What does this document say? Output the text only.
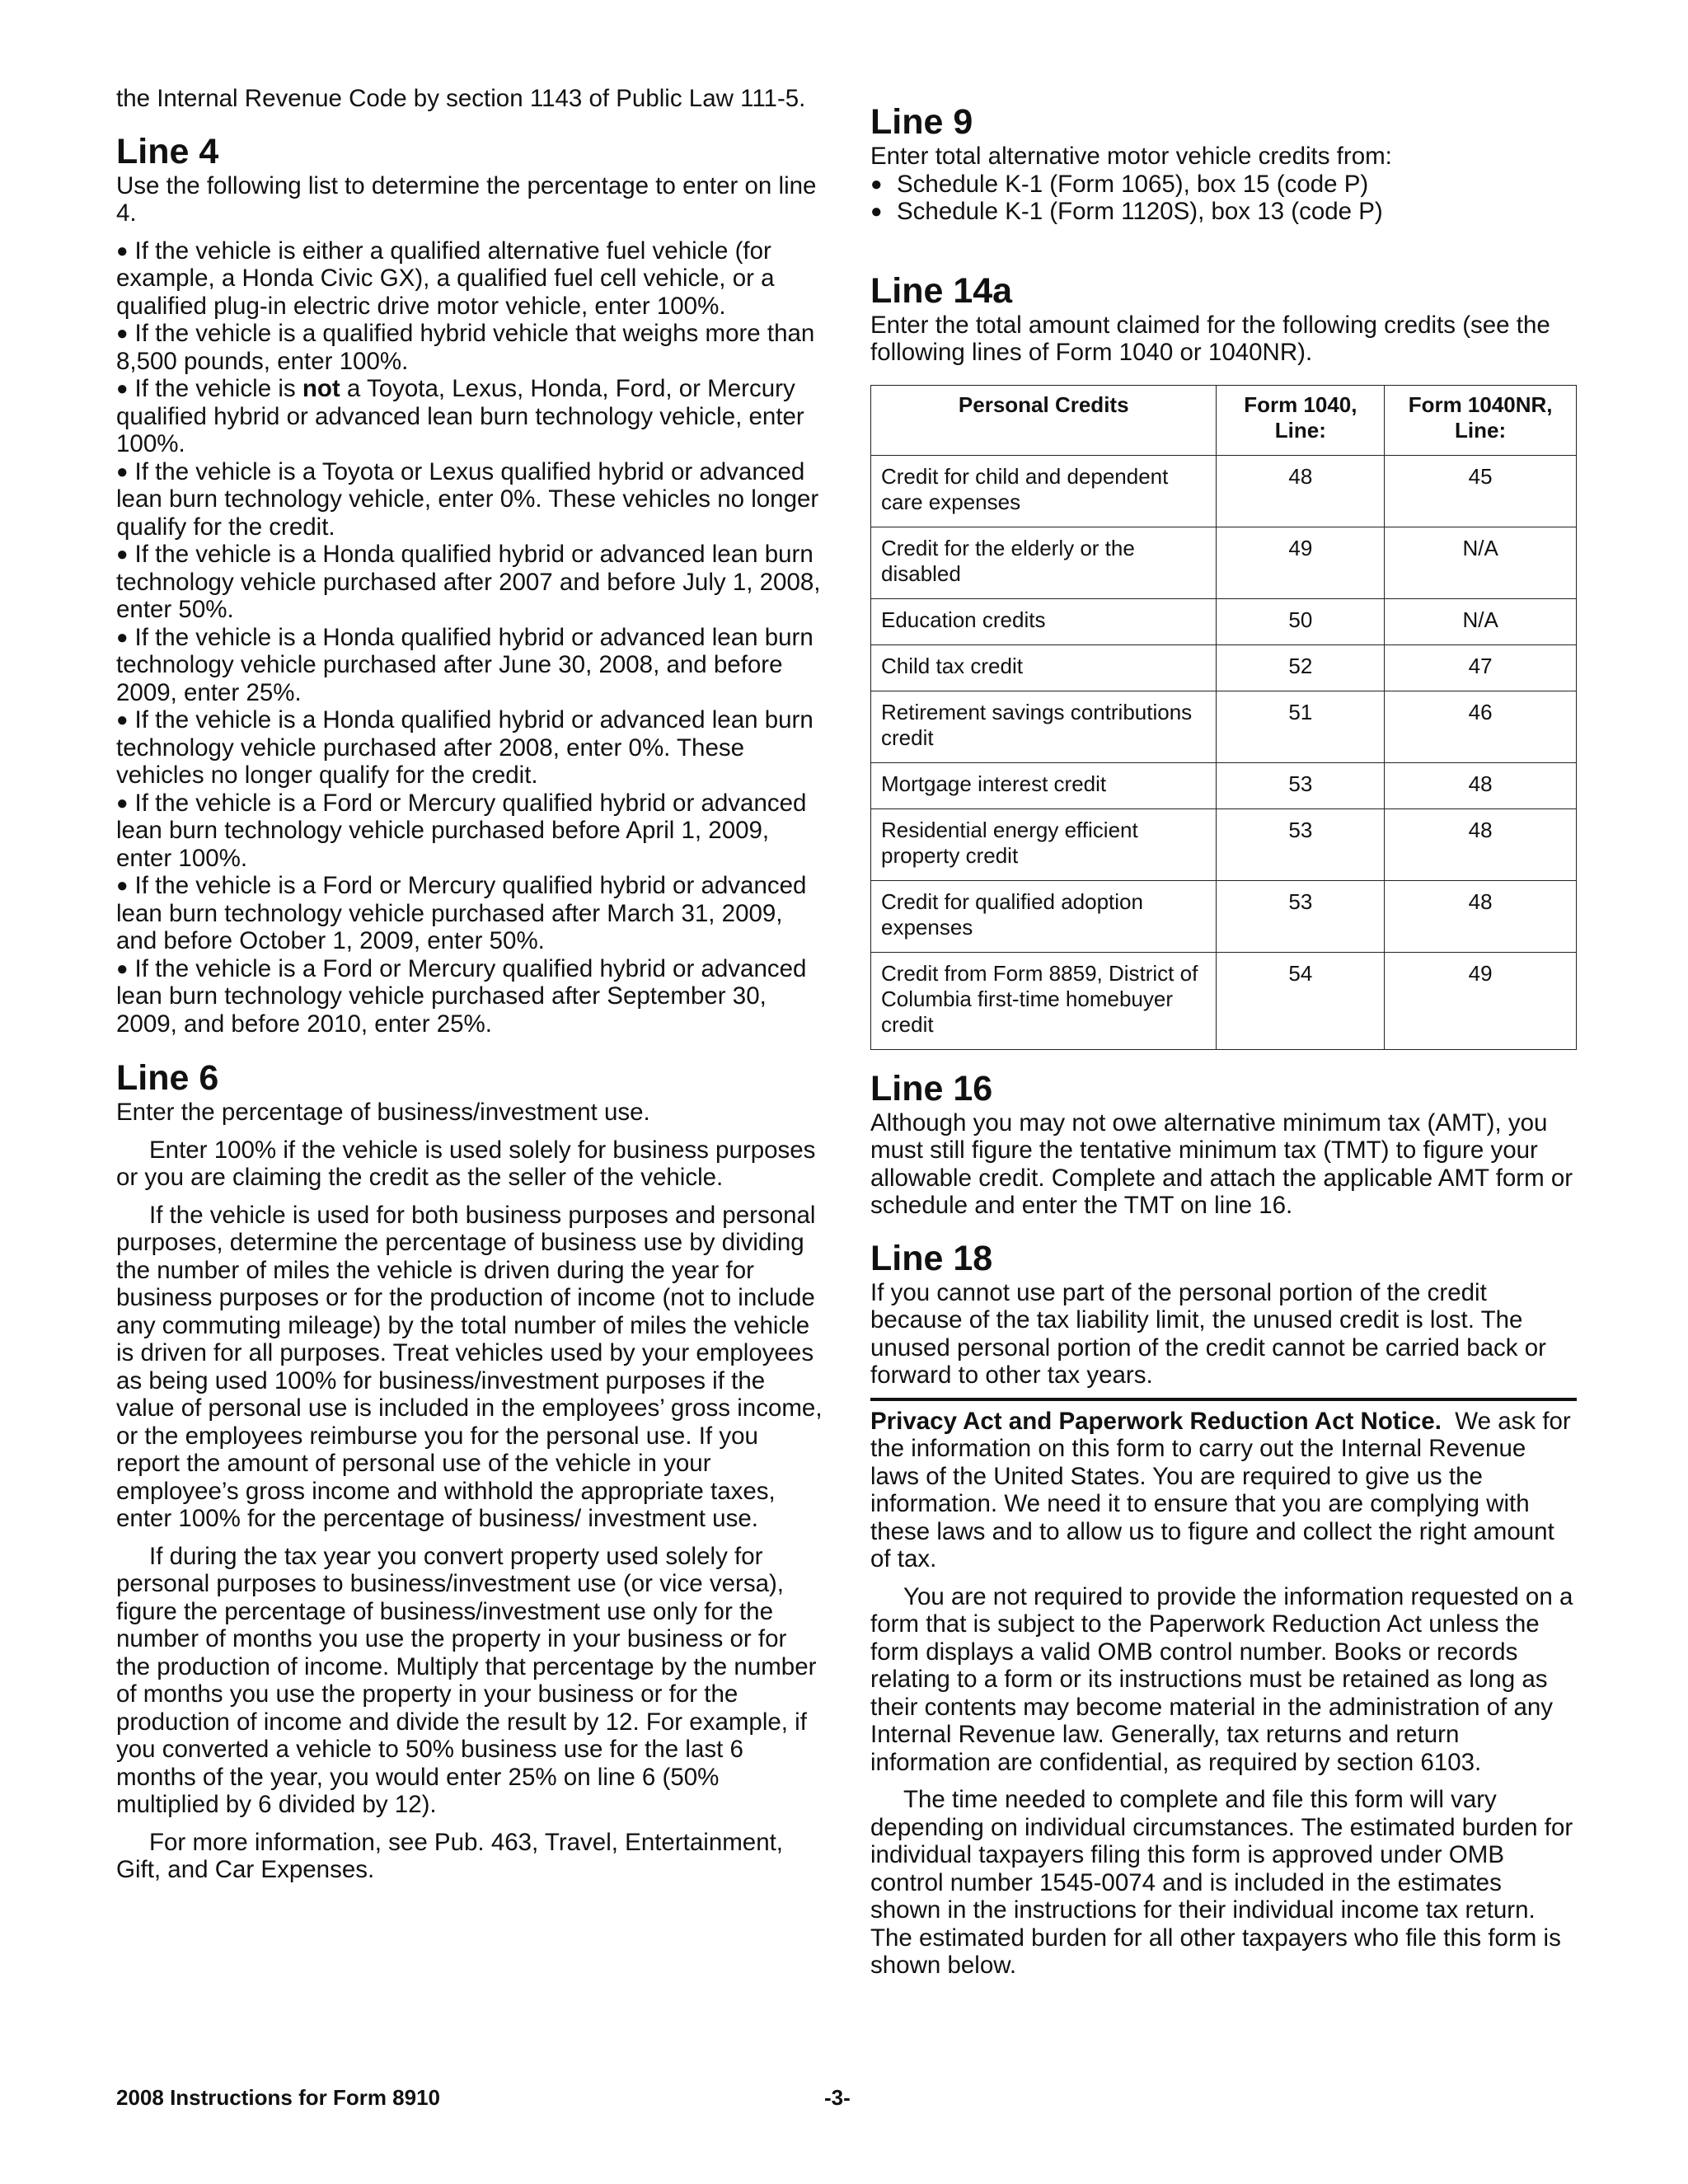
the Internal Revenue Code by section 1143 of Public Law 111-5.

Line 4

Use the following list to determine the percentage to enter on line 4.

● If the vehicle is either a qualified alternative fuel vehicle (for example, a Honda Civic GX), a qualified fuel cell vehicle, or a qualified plug-in electric drive motor vehicle, enter 100%.
● If the vehicle is a qualified hybrid vehicle that weighs more than 8,500 pounds, enter 100%.
● If the vehicle is not a Toyota, Lexus, Honda, Ford, or Mercury qualified hybrid or advanced lean burn technology vehicle, enter 100%.
● If the vehicle is a Toyota or Lexus qualified hybrid or advanced lean burn technology vehicle, enter 0%. These vehicles no longer qualify for the credit.
● If the vehicle is a Honda qualified hybrid or advanced lean burn technology vehicle purchased after 2007 and before July 1, 2008, enter 50%.
● If the vehicle is a Honda qualified hybrid or advanced lean burn technology vehicle purchased after June 30, 2008, and before 2009, enter 25%.
● If the vehicle is a Honda qualified hybrid or advanced lean burn technology vehicle purchased after 2008, enter 0%. These vehicles no longer qualify for the credit.
● If the vehicle is a Ford or Mercury qualified hybrid or advanced lean burn technology vehicle purchased before April 1, 2009, enter 100%.
● If the vehicle is a Ford or Mercury qualified hybrid or advanced lean burn technology vehicle purchased after March 31, 2009, and before October 1, 2009, enter 50%.
● If the vehicle is a Ford or Mercury qualified hybrid or advanced lean burn technology vehicle purchased after September 30, 2009, and before 2010, enter 25%.
Line 6

Enter the percentage of business/investment use.

Enter 100% if the vehicle is used solely for business purposes or you are claiming the credit as the seller of the vehicle.

If the vehicle is used for both business purposes and personal purposes, determine the percentage of business use by dividing the number of miles the vehicle is driven during the year for business purposes or for the production of income (not to include any commuting mileage) by the total number of miles the vehicle is driven for all purposes. Treat vehicles used by your employees as being used 100% for business/investment purposes if the value of personal use is included in the employees’ gross income, or the employees reimburse you for the personal use. If you report the amount of personal use of the vehicle in your employee’s gross income and withhold the appropriate taxes, enter 100% for the percentage of business/ investment use.

If during the tax year you convert property used solely for personal purposes to business/investment use (or vice versa), figure the percentage of business/investment use only for the number of months you use the property in your business or for the production of income. Multiply that percentage by the number of months you use the property in your business or for the production of income and divide the result by 12. For example, if you converted a vehicle to 50% business use for the last 6 months of the year, you would enter 25% on line 6 (50% multiplied by 6 divided by 12).

For more information, see Pub. 463, Travel, Entertainment, Gift, and Car Expenses.

Line 9

Enter total alternative motor vehicle credits from:

● Schedule K-1 (Form 1065), box 15 (code P)
● Schedule K-1 (Form 1120S), box 13 (code P)
Line 14a

Enter the total amount claimed for the following credits (see the following lines of Form 1040 or 1040NR).

Personal Credits	Form 1040, Line:	Form 1040NR, Line:
Credit for child and dependent care expenses	48	45
Credit for the elderly or the disabled	49	N/A
Education credits	50	N/A
Child tax credit	52	47
Retirement savings contributions credit	51	46
Mortgage interest credit	53	48
Residential energy efficient property credit	53	48
Credit for qualified adoption expenses	53	48
Credit from Form 8859, District of Columbia first-time homebuyer credit	54	49
Line 16

Although you may not owe alternative minimum tax (AMT), you must still figure the tentative minimum tax (TMT) to figure your allowable credit. Complete and attach the applicable AMT form or schedule and enter the TMT on line 16.

Line 18

If you cannot use part of the personal portion of the credit because of the tax liability limit, the unused credit is lost. The unused personal portion of the credit cannot be carried back or forward to other tax years.

Privacy Act and Paperwork Reduction Act Notice. We ask for the information on this form to carry out the Internal Revenue laws of the United States. You are required to give us the information. We need it to ensure that you are complying with these laws and to allow us to figure and collect the right amount of tax.

You are not required to provide the information requested on a form that is subject to the Paperwork Reduction Act unless the form displays a valid OMB control number. Books or records relating to a form or its instructions must be retained as long as their contents may become material in the administration of any Internal Revenue law. Generally, tax returns and return information are confidential, as required by section 6103.

The time needed to complete and file this form will vary depending on individual circumstances. The estimated burden for individual taxpayers filing this form is approved under OMB control number 1545-0074 and is included in the estimates shown in the instructions for their individual income tax return. The estimated burden for all other taxpayers who file this form is shown below.

2008 Instructions for Form 8910	-3-
